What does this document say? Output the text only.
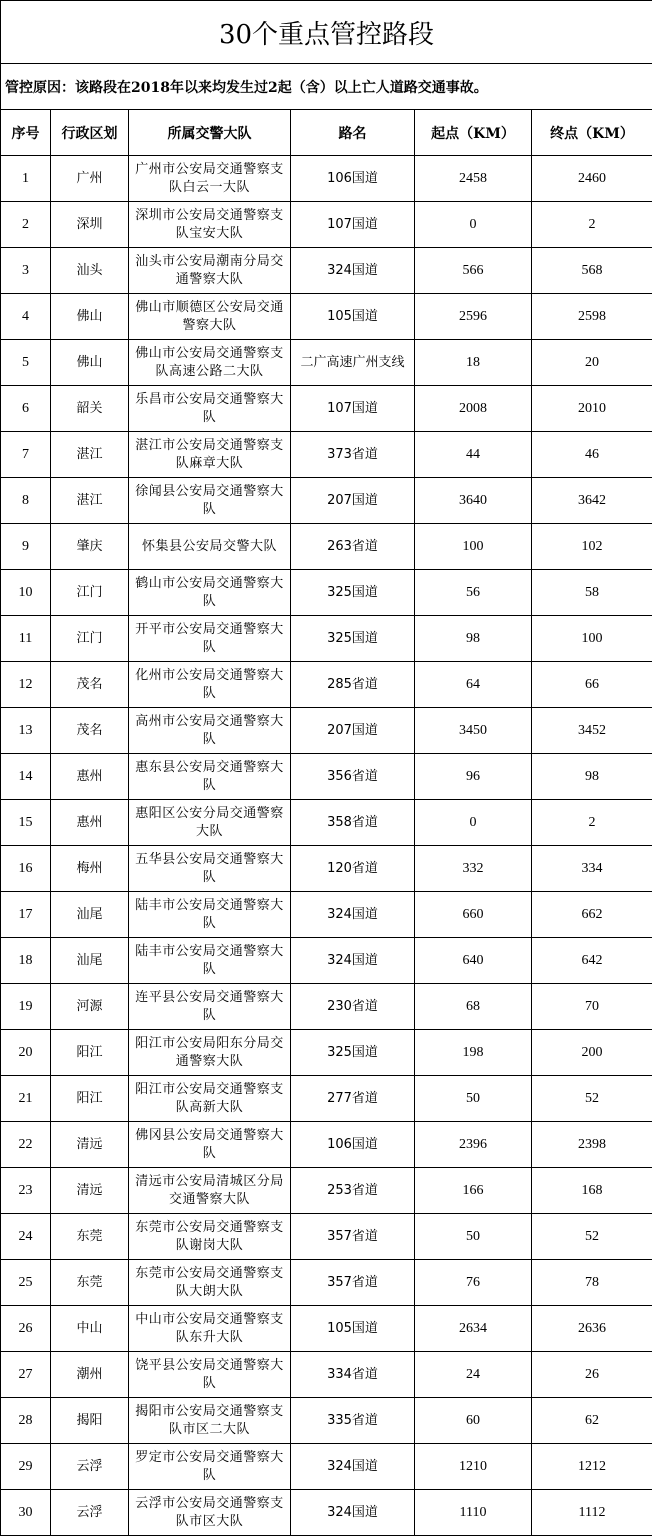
30个重点管控路段					
管控原因：该路段在2018年以来均发生过2起（含）以上亡人道路交通事故。					
序号	行政区划	所属交警大队	路名	起点（KM）	终点（KM）
1	广州	广州市公安局交通警察支队白云一大队	106国道	2458	2460
2	深圳	深圳市公安局交通警察支队宝安大队	107国道	0	2
3	汕头	汕头市公安局潮南分局交通警察大队	324国道	566	568
4	佛山	佛山市顺德区公安局交通警察大队	105国道	2596	2598
5	佛山	佛山市公安局交通警察支队高速公路二大队	二广高速广州支线	18	20
6	韶关	乐昌市公安局交通警察大队	107国道	2008	2010
7	湛江	湛江市公安局交通警察支队麻章大队	373省道	44	46
8	湛江	徐闻县公安局交通警察大队	207国道	3640	3642
9	肇庆	怀集县公安局交警大队	263省道	100	102
10	江门	鹤山市公安局交通警察大队	325国道	56	58
11	江门	开平市公安局交通警察大队	325国道	98	100
12	茂名	化州市公安局交通警察大队	285省道	64	66
13	茂名	高州市公安局交通警察大队	207国道	3450	3452
14	惠州	惠东县公安局交通警察大队	356省道	96	98
15	惠州	惠阳区公安分局交通警察大队	358省道	0	2
16	梅州	五华县公安局交通警察大队	120省道	332	334
17	汕尾	陆丰市公安局交通警察大队	324国道	660	662
18	汕尾	陆丰市公安局交通警察大队	324国道	640	642
19	河源	连平县公安局交通警察大队	230省道	68	70
20	阳江	阳江市公安局阳东分局交通警察大队	325国道	198	200
21	阳江	阳江市公安局交通警察支队高新大队	277省道	50	52
22	清远	佛冈县公安局交通警察大队	106国道	2396	2398
23	清远	清远市公安局清城区分局交通警察大队	253省道	166	168
24	东莞	东莞市公安局交通警察支队谢岗大队	357省道	50	52
25	东莞	东莞市公安局交通警察支队大朗大队	357省道	76	78
26	中山	中山市公安局交通警察支队东升大队	105国道	2634	2636
27	潮州	饶平县公安局交通警察大队	334省道	24	26
28	揭阳	揭阳市公安局交通警察支队市区二大队	335省道	60	62
29	云浮	罗定市公安局交通警察大队	324国道	1210	1212
30	云浮	云浮市公安局交通警察支队市区大队	324国道	1110	1112
